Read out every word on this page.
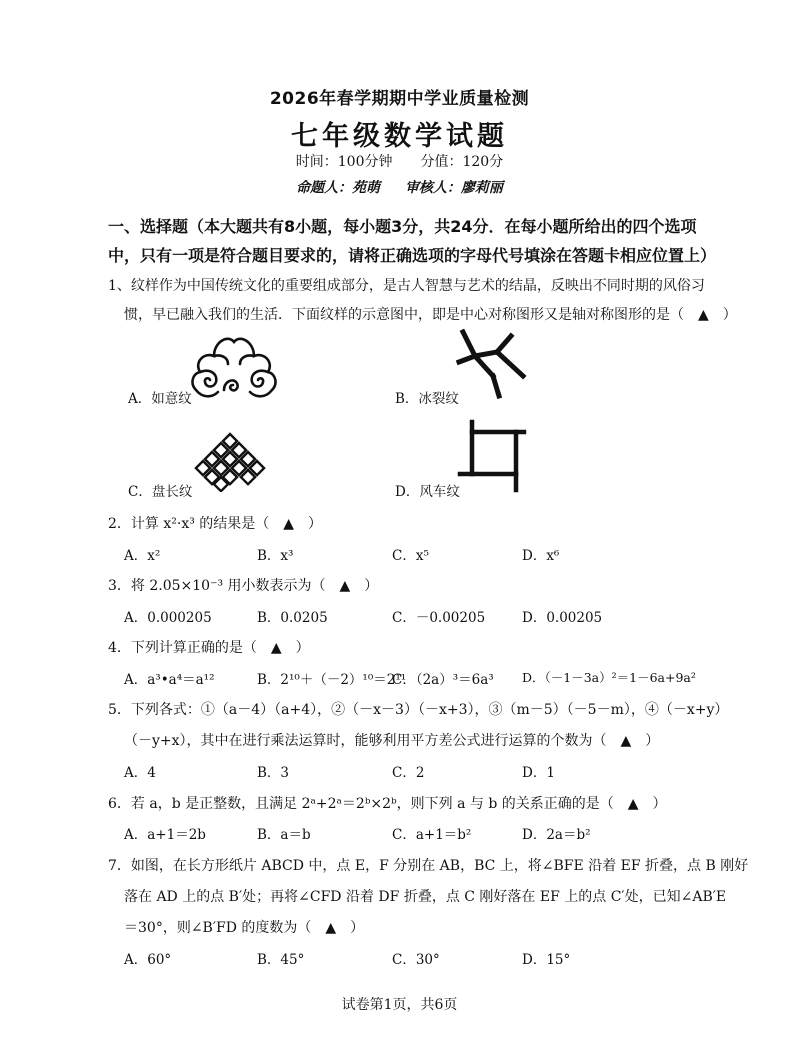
2026年春学期期中学业质量检测
七年级数学试题
时间：100分钟　　分值：120分
命题人：苑萌 审核人：廖莉丽
一、选择题（本大题共有8小题，每小题3分，共24分．在每小题所给出的四个选项
中，只有一项是符合题目要求的，请将正确选项的字母代号填涂在答题卡相应位置上）
1、纹样作为中国传统文化的重要组成部分，是古人智慧与艺术的结晶，反映出不同时期的风俗习
惯，早已融入我们的生活．下面纹样的示意图中，即是中心对称图形又是轴对称图形的是（　▲　）
A．如意纹	B．冰裂纹
C．盘长纹	D．风车纹
2．计算 x²·x³ 的结果是（　▲　）
A．x²	B．x³	C．x⁵	D．x⁶
3．将 2.05×10⁻³ 用小数表示为（　▲　）
A．0.000205	B．0.0205	C．－0.00205	D．0.00205
4．下列计算正确的是（　▲　）
A．a³•a⁴＝a¹²	B．2¹⁰＋（－2）¹⁰＝2¹¹
C．（2a）³＝6a³ D．（－1－3a）²＝1－6a+9a²
5．下列各式：①（a－4）（a+4），②（－x－3）（－x+3），③（m－5）（－5－m），④（－x+y）
（－y+x），其中在进行乘法运算时，能够利用平方差公式进行运算的个数为（　▲　）
A．4	B．3	C．2	D．1
6．若 a，b 是正整数，且满足 2ᵃ+2ᵃ＝2ᵇ×2ᵇ，则下列 a 与 b 的关系正确的是（　▲　）
A．a+1＝2b	B．a＝b	C．a+1＝b²	D．2a＝b²
7．如图，在长方形纸片 ABCD 中，点 E，F 分别在 AB，BC 上，将∠BFE 沿着 EF 折叠，点 B 刚好
落在 AD 上的点 B′处；再将∠CFD 沿着 DF 折叠，点 C 刚好落在 EF 上的点 C′处，已知∠AB′E
＝30°，则∠B′FD 的度数为（　▲　）
A．60°	B．45°	C．30°	D．15°
试卷第1页，共6页
